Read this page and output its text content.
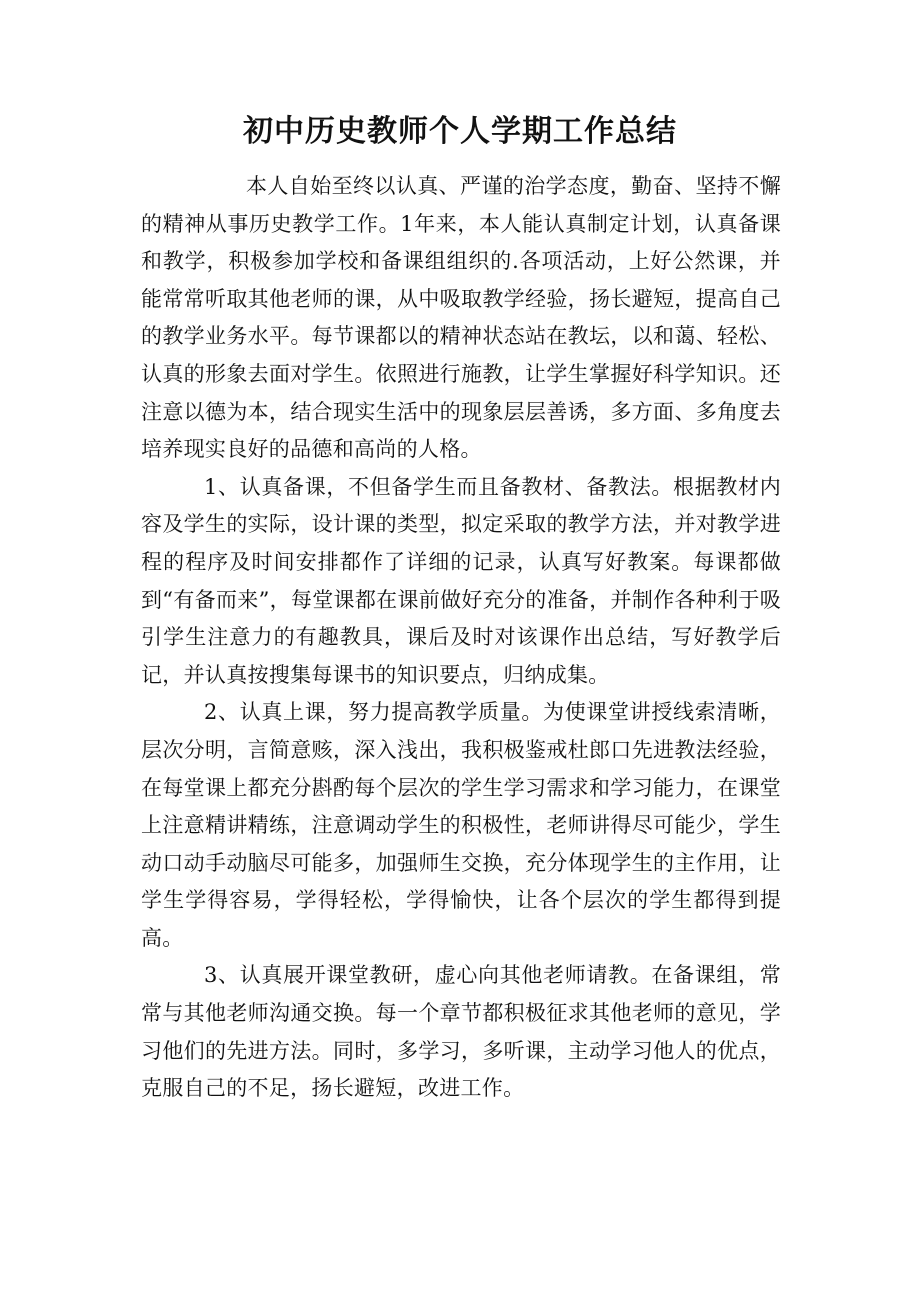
初中历史教师个人学期工作总结

本人自始至终以认真、严谨的治学态度，勤奋、坚持不懈的精神从事历史教学工作。1年来，本人能认真制定计划，认真备课和教学，积极参加学校和备课组组织的.各项活动，上好公然课，并能常常听取其他老师的课，从中吸取教学经验，扬长避短，提高自己的教学业务水平。每节课都以的精神状态站在教坛，以和蔼、轻松、认真的形象去面对学生。依照进行施教，让学生掌握好科学知识。还注意以德为本，结合现实生活中的现象层层善诱，多方面、多角度去培养现实良好的品德和高尚的人格。

1、认真备课，不但备学生而且备教材、备教法。根据教材内容及学生的实际，设计课的类型，拟定采取的教学方法，并对教学进程的程序及时间安排都作了详细的记录，认真写好教案。每课都做到“有备而来”，每堂课都在课前做好充分的准备，并制作各种利于吸引学生注意力的有趣教具，课后及时对该课作出总结，写好教学后记，并认真按搜集每课书的知识要点，归纳成集。

2、认真上课，努力提高教学质量。为使课堂讲授线索清晰，层次分明，言简意赅，深入浅出，我积极鉴戒杜郎口先进教法经验，在每堂课上都充分斟酌每个层次的学生学习需求和学习能力，在课堂上注意精讲精练，注意调动学生的积极性，老师讲得尽可能少，学生动口动手动脑尽可能多，加强师生交换，充分体现学生的主作用，让学生学得容易，学得轻松，学得愉快，让各个层次的学生都得到提高。

3、认真展开课堂教研，虚心向其他老师请教。在备课组，常常与其他老师沟通交换。每一个章节都积极征求其他老师的意见，学习他们的先进方法。同时，多学习，多听课，主动学习他人的优点，克服自己的不足，扬长避短，改进工作。
